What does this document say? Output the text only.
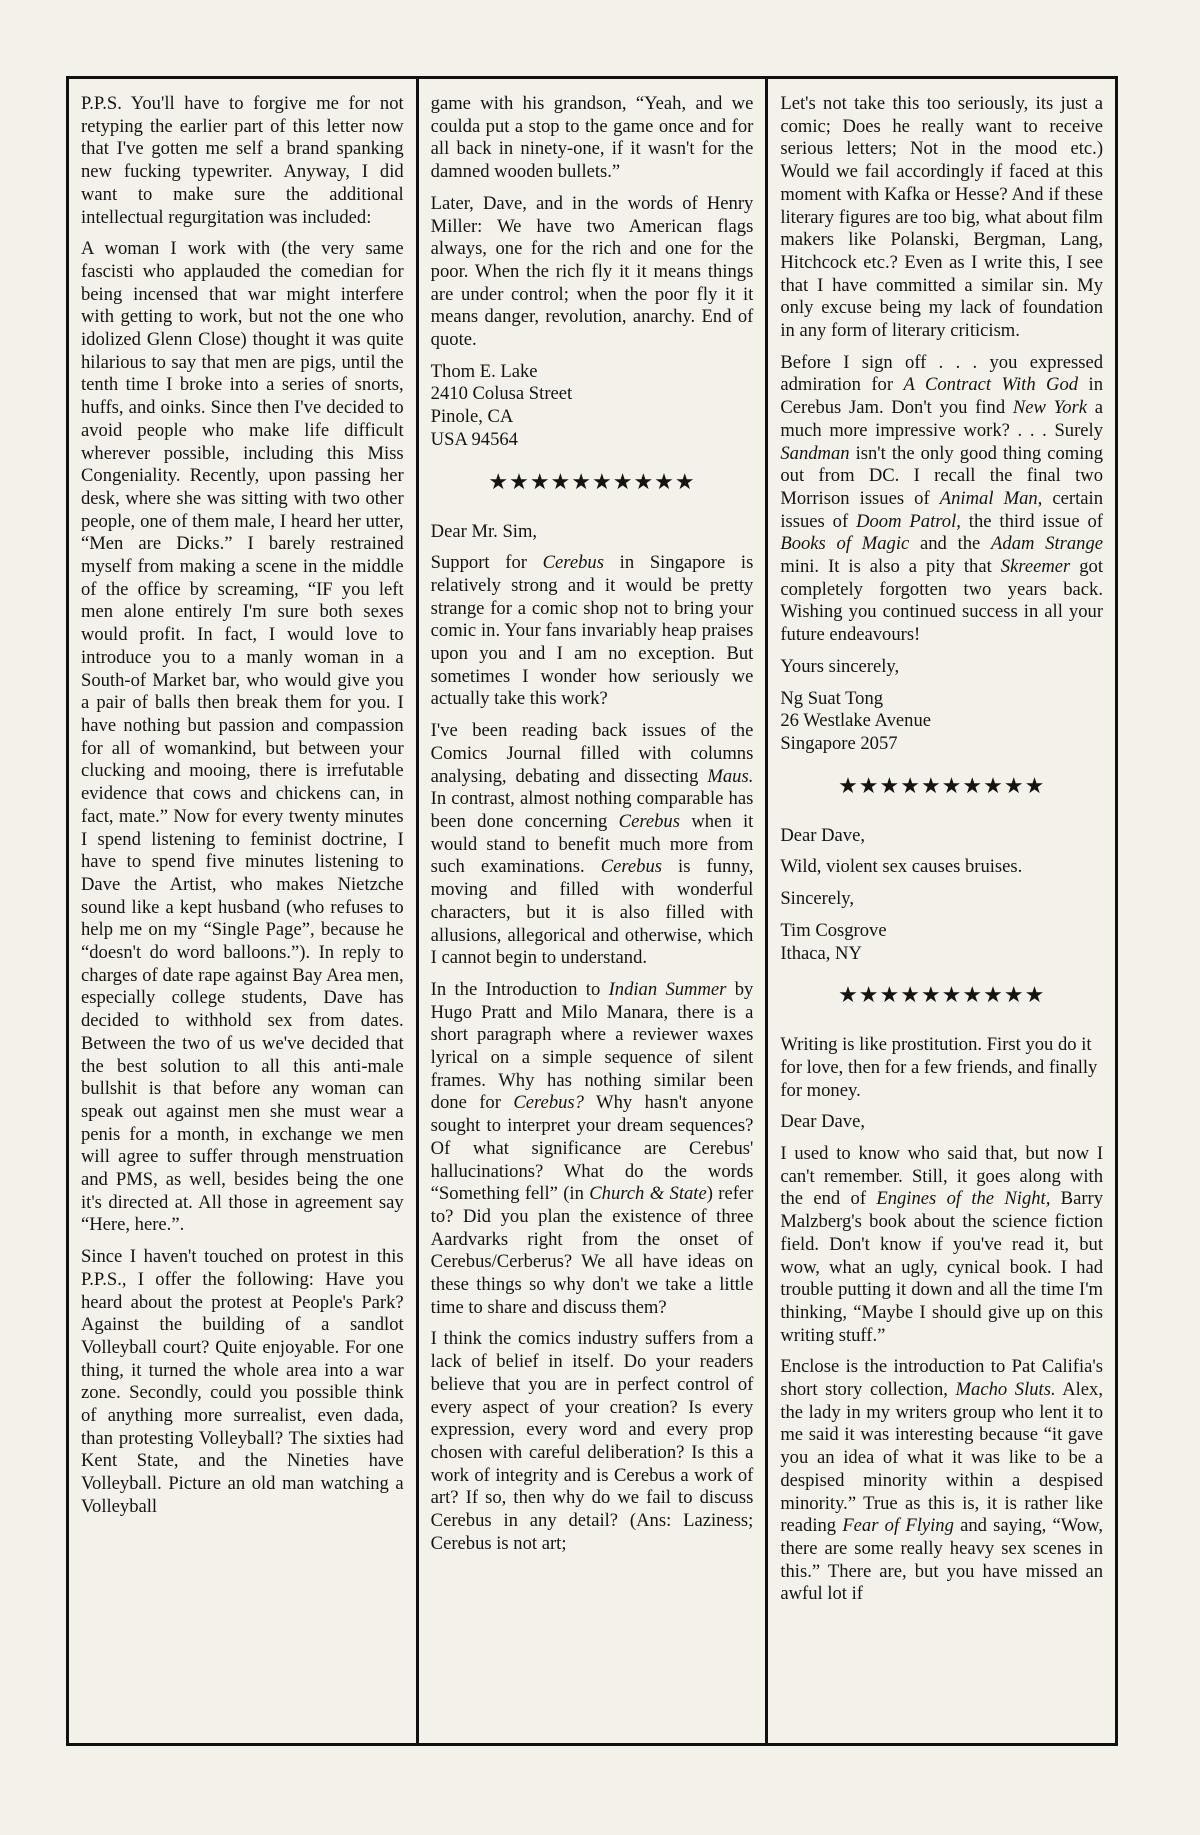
P.P.S. You'll have to forgive me for not retyping the earlier part of this letter now that I've gotten me self a brand spanking new fucking typewriter. Anyway, I did want to make sure the additional intellectual regurgitation was included:

A woman I work with (the very same fascisti who applauded the comedian for being incensed that war might interfere with getting to work, but not the one who idolized Glenn Close) thought it was quite hilarious to say that men are pigs, until the tenth time I broke into a series of snorts, huffs, and oinks. Since then I've decided to avoid people who make life difficult wherever possible, including this Miss Congeniality. Recently, upon passing her desk, where she was sitting with two other people, one of them male, I heard her utter, “Men are Dicks.” I barely restrained myself from making a scene in the middle of the office by screaming, “IF you left men alone entirely I'm sure both sexes would profit. In fact, I would love to introduce you to a manly woman in a South-of Market bar, who would give you a pair of balls then break them for you. I have nothing but passion and compassion for all of womankind, but between your clucking and mooing, there is irrefutable evidence that cows and chickens can, in fact, mate.” Now for every twenty minutes I spend listening to feminist doctrine, I have to spend five minutes listening to Dave the Artist, who makes Nietzche sound like a kept husband (who refuses to help me on my “Single Page”, because he “doesn't do word balloons.”). In reply to charges of date rape against Bay Area men, especially college students, Dave has decided to withhold sex from dates. Between the two of us we've decided that the best solution to all this anti-male bullshit is that before any woman can speak out against men she must wear a penis for a month, in exchange we men will agree to suffer through menstruation and PMS, as well, besides being the one it's directed at. All those in agreement say “Here, here.”.

Since I haven't touched on protest in this P.P.S., I offer the following: Have you heard about the protest at People's Park? Against the building of a sandlot Volleyball court? Quite enjoyable. For one thing, it turned the whole area into a war zone. Secondly, could you possible think of anything more surrealist, even dada, than protesting Volleyball? The sixties had Kent State, and the Nineties have Volleyball. Picture an old man watching a Volleyball

game with his grandson, “Yeah, and we coulda put a stop to the game once and for all back in ninety-one, if it wasn't for the damned wooden bullets.”

Later, Dave, and in the words of Henry Miller: We have two American flags always, one for the rich and one for the poor. When the rich fly it it means things are under control; when the poor fly it it means danger, revolution, anarchy. End of quote.

Thom E. Lake
2410 Colusa Street
Pinole, CA
USA 94564
★★★★★★★★★★

Dear Mr. Sim,

Support for Cerebus in Singapore is relatively strong and it would be pretty strange for a comic shop not to bring your comic in. Your fans invariably heap praises upon you and I am no exception. But sometimes I wonder how seriously we actually take this work?

I've been reading back issues of the Comics Journal filled with columns analysing, debating and dissecting Maus. In contrast, almost nothing comparable has been done concerning Cerebus when it would stand to benefit much more from such examinations. Cerebus is funny, moving and filled with wonderful characters, but it is also filled with allusions, allegorical and otherwise, which I cannot begin to understand.

In the Introduction to Indian Summer by Hugo Pratt and Milo Manara, there is a short paragraph where a reviewer waxes lyrical on a simple sequence of silent frames. Why has nothing similar been done for Cerebus? Why hasn't anyone sought to interpret your dream sequences? Of what significance are Cerebus' hallucinations? What do the words “Something fell” (in Church & State) refer to? Did you plan the existence of three Aardvarks right from the onset of Cerebus/Cerberus? We all have ideas on these things so why don't we take a little time to share and discuss them?

I think the comics industry suffers from a lack of belief in itself. Do your readers believe that you are in perfect control of every aspect of your creation? Is every expression, every word and every prop chosen with careful deliberation? Is this a work of integrity and is Cerebus a work of art? If so, then why do we fail to discuss Cerebus in any detail? (Ans: Laziness; Cerebus is not art;

Let's not take this too seriously, its just a comic; Does he really want to receive serious letters; Not in the mood etc.) Would we fail accordingly if faced at this moment with Kafka or Hesse? And if these literary figures are too big, what about film makers like Polanski, Bergman, Lang, Hitchcock etc.? Even as I write this, I see that I have committed a similar sin. My only excuse being my lack of foundation in any form of literary criticism.

Before I sign off . . . you expressed admiration for A Contract With God in Cerebus Jam. Don't you find New York a much more impressive work? . . . Surely Sandman isn't the only good thing coming out from DC. I recall the final two Morrison issues of Animal Man, certain issues of Doom Patrol, the third issue of Books of Magic and the Adam Strange mini. It is also a pity that Skreemer got completely forgotten two years back. Wishing you continued success in all your future endeavours!

Yours sincerely,

Ng Suat Tong
26 Westlake Avenue
Singapore 2057
★★★★★★★★★★

Dear Dave,

Wild, violent sex causes bruises.

Sincerely,

Tim Cosgrove
Ithaca, NY
★★★★★★★★★★

Writing is like prostitution. First you do it for love, then for a few friends, and finally for money.

Dear Dave,

I used to know who said that, but now I can't remember. Still, it goes along with the end of Engines of the Night, Barry Malzberg's book about the science fiction field. Don't know if you've read it, but wow, what an ugly, cynical book. I had trouble putting it down and all the time I'm thinking, “Maybe I should give up on this writing stuff.”

Enclose is the introduction to Pat Califia's short story collection, Macho Sluts. Alex, the lady in my writers group who lent it to me said it was interesting because “it gave you an idea of what it was like to be a despised minority within a despised minority.” True as this is, it is rather like reading Fear of Flying and saying, “Wow, there are some really heavy sex scenes in this.” There are, but you have missed an awful lot if
